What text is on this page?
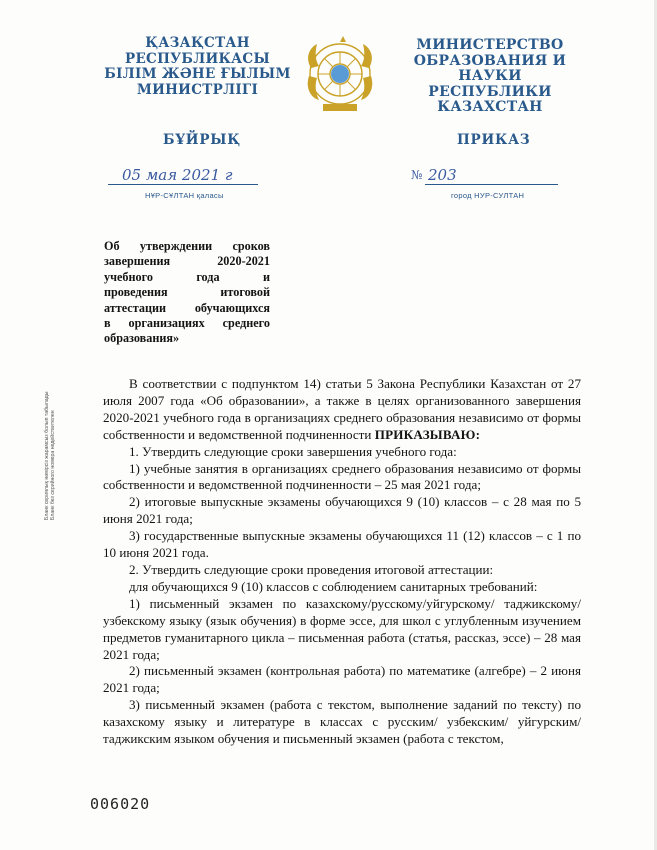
ҚАЗАҚСТАН
РЕСПУБЛИКАСЫ
БІЛІМ ЖӘНЕ ҒЫЛЫМ
МИНИСТРЛІГІ
МИНИСТЕРСТВО
ОБРАЗОВАНИЯ И НАУКИ
РЕСПУБЛИКИ
КАЗАХСТАН
БҰЙРЫҚ	ПРИКАЗ
05 мая 2021 г
НҰР-СҰЛТАН қаласы
№ 203
город НУР-СУЛТАН
Об утверждении сроков
завершения 2020-2021
учебного года и
проведения итоговой
аттестации обучающихся
в организациях среднего
образования»
Бланк сериялық нөмірсіз жарамсыз болып табылады Бланк без серийного номера недействителен

В соответствии с подпунктом 14) статьи 5 Закона Республики Казахстан от 27 июля 2007 года «Об образовании», а также в целях организованного завершения 2020-2021 учебного года в организациях среднего образования независимо от формы собственности и ведомственной подчиненности ПРИКАЗЫВАЮ:

1. Утвердить следующие сроки завершения учебного года:

1) учебные занятия в организациях среднего образования независимо от формы собственности и ведомственной подчиненности – 25 мая 2021 года;

2) итоговые выпускные экзамены обучающихся 9 (10) классов – с 28 мая по 5 июня 2021 года;

3) государственные выпускные экзамены обучающихся 11 (12) классов – с 1 по 10 июня 2021 года.

2. Утвердить следующие сроки проведения итоговой аттестации:

для обучающихся 9 (10) классов с соблюдением санитарных требований:

1) письменный экзамен по казахскому/русскому/уйгурскому/ таджикскому/ узбекскому языку (язык обучения) в форме эссе, для школ с углубленным изучением предметов гуманитарного цикла – письменная работа (статья, рассказ, эссе) – 28 мая 2021 года;

2) письменный экзамен (контрольная работа) по математике (алгебре) – 2 июня 2021 года;

3) письменный экзамен (работа с текстом, выполнение заданий по тексту) по казахскому языку и литературе в классах с русским/ узбекским/ уйгурским/ таджикским языком обучения и письменный экзамен (работа с текстом,

006020
